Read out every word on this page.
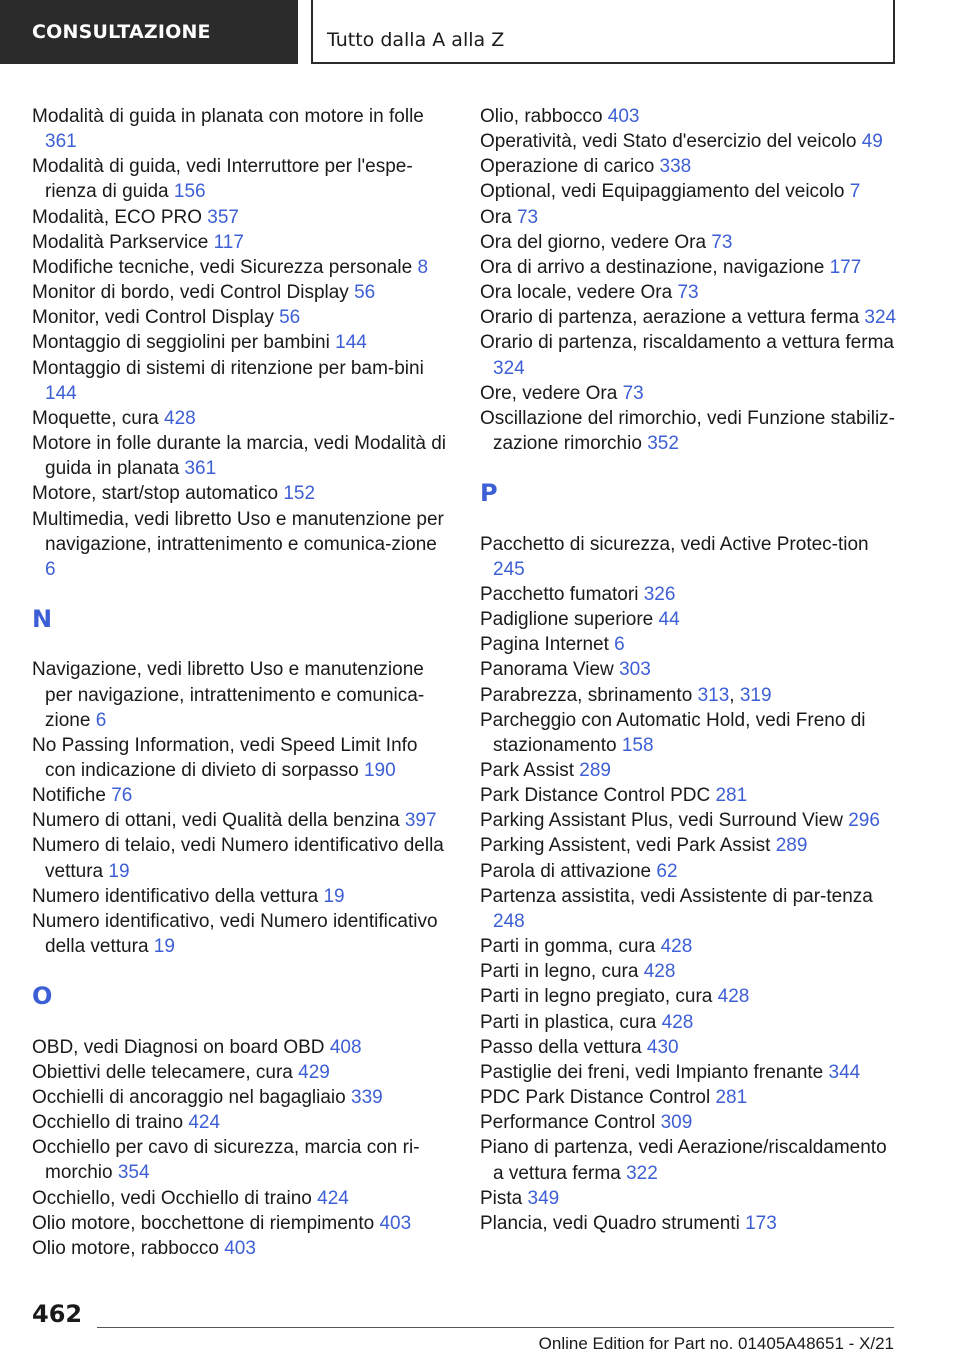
CONSULTAZIONE	Tutto dalla A alla Z
Modalità di guida in planata con motore in folle 361
Modalità di guida, vedi Interruttore per l'espe-rienza di guida 156
Modalità, ECO PRO 357
Modalità Parkservice 117
Modifiche tecniche, vedi Sicurezza personale 8
Monitor di bordo, vedi Control Display 56
Monitor, vedi Control Display 56
Montaggio di seggiolini per bambini 144
Montaggio di sistemi di ritenzione per bam-bini 144
Moquette, cura 428
Motore in folle durante la marcia, vedi Modalità di guida in planata 361
Motore, start/stop automatico 152
Multimedia, vedi libretto Uso e manutenzione per navigazione, intrattenimento e comunica-zione 6
N
Navigazione, vedi libretto Uso e manutenzione per navigazione, intrattenimento e comunica-zione 6
No Passing Information, vedi Speed Limit Info con indicazione di divieto di sorpasso 190
Notifiche 76
Numero di ottani, vedi Qualità della benzina 397
Numero di telaio, vedi Numero identificativo della vettura 19
Numero identificativo della vettura 19
Numero identificativo, vedi Numero identificativo della vettura 19
O
OBD, vedi Diagnosi on board OBD 408
Obiettivi delle telecamere, cura 429
Occhielli di ancoraggio nel bagagliaio 339
Occhiello di traino 424
Occhiello per cavo di sicurezza, marcia con ri-morchio 354
Occhiello, vedi Occhiello di traino 424
Olio motore, bocchettone di riempimento 403
Olio motore, rabbocco 403
Olio, rabbocco 403
Operatività, vedi Stato d'esercizio del veicolo 49
Operazione di carico 338
Optional, vedi Equipaggiamento del veicolo 7
Ora 73
Ora del giorno, vedere Ora 73
Ora di arrivo a destinazione, navigazione 177
Ora locale, vedere Ora 73
Orario di partenza, aerazione a vettura ferma 324
Orario di partenza, riscaldamento a vettura ferma 324
Ore, vedere Ora 73
Oscillazione del rimorchio, vedi Funzione stabiliz-zazione rimorchio 352
P
Pacchetto di sicurezza, vedi Active Protec-tion 245
Pacchetto fumatori 326
Padiglione superiore 44
Pagina Internet 6
Panorama View 303
Parabrezza, sbrinamento 313, 319
Parcheggio con Automatic Hold, vedi Freno di stazionamento 158
Park Assist 289
Park Distance Control PDC 281
Parking Assistant Plus, vedi Surround View 296
Parking Assistent, vedi Park Assist 289
Parola di attivazione 62
Partenza assistita, vedi Assistente di par-tenza 248
Parti in gomma, cura 428
Parti in legno, cura 428
Parti in legno pregiato, cura 428
Parti in plastica, cura 428
Passo della vettura 430
Pastiglie dei freni, vedi Impianto frenante 344
PDC Park Distance Control 281
Performance Control 309
Piano di partenza, vedi Aerazione/riscaldamento a vettura ferma 322
Pista 349
Plancia, vedi Quadro strumenti 173
462
Online Edition for Part no. 01405A48651 - X/21
